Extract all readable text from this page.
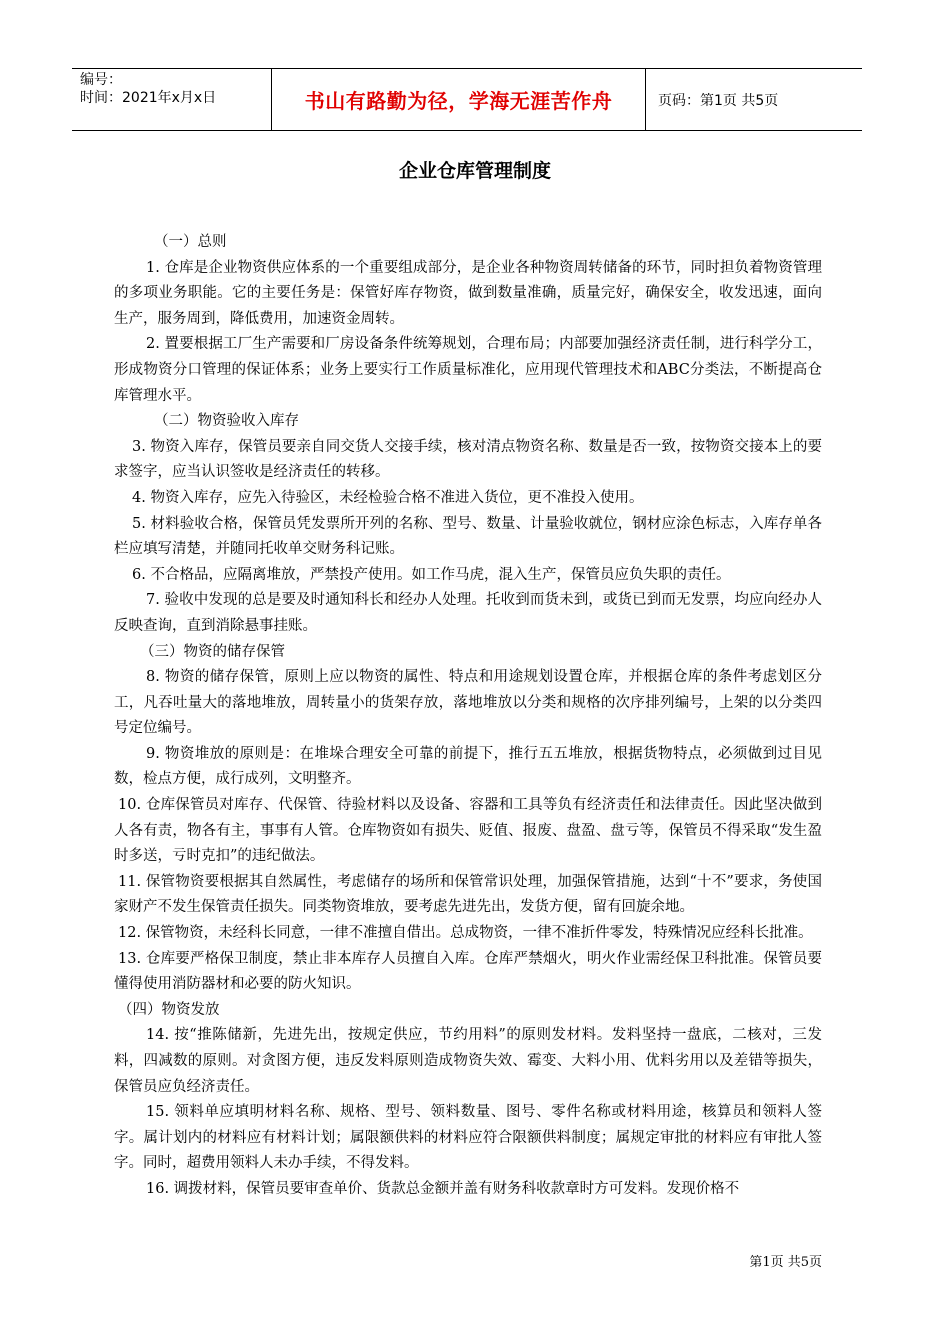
编号：
时间：2021年x月x日	书山有路勤为径，学海无涯苦作舟	页码：第1页 共5页
企业仓库管理制度

（一）总则

1. 仓库是企业物资供应体系的一个重要组成部分，是企业各种物资周转储备的环节，同时担负着物资管理的多项业务职能。它的主要任务是：保管好库存物资，做到数量准确，质量完好，确保安全，收发迅速，面向生产，服务周到，降低费用，加速资金周转。

2. 置要根据工厂生产需要和厂房设备条件统筹规划，合理布局；内部要加强经济责任制，进行科学分工，形成物资分口管理的保证体系；业务上要实行工作质量标准化，应用现代管理技术和ABC分类法，不断提高仓库管理水平。

（二）物资验收入库存

3. 物资入库存，保管员要亲自同交货人交接手续，核对清点物资名称、数量是否一致，按物资交接本上的要求签字，应当认识签收是经济责任的转移。

4. 物资入库存，应先入待验区，未经检验合格不准进入货位，更不准投入使用。

5. 材料验收合格，保管员凭发票所开列的名称、型号、数量、计量验收就位，钢材应涂色标志，入库存单各栏应填写清楚，并随同托收单交财务科记账。

6. 不合格品，应隔离堆放，严禁投产使用。如工作马虎，混入生产，保管员应负失职的责任。

7. 验收中发现的总是要及时通知科长和经办人处理。托收到而货未到，或货已到而无发票，均应向经办人反映查询，直到消除悬事挂账。

（三）物资的储存保管

8. 物资的储存保管，原则上应以物资的属性、特点和用途规划设置仓库，并根据仓库的条件考虑划区分工，凡吞吐量大的落地堆放，周转量小的货架存放，落地堆放以分类和规格的次序排列编号，上架的以分类四号定位编号。

9. 物资堆放的原则是：在堆垛合理安全可靠的前提下，推行五五堆放，根据货物特点，必须做到过目见数，检点方便，成行成列，文明整齐。

10. 仓库保管员对库存、代保管、待验材料以及设备、容器和工具等负有经济责任和法律责任。因此坚决做到人各有责，物各有主，事事有人管。仓库物资如有损失、贬值、报废、盘盈、盘亏等，保管员不得采取“发生盈时多送，亏时克扣”的违纪做法。

11. 保管物资要根据其自然属性，考虑储存的场所和保管常识处理，加强保管措施，达到“十不”要求，务使国家财产不发生保管责任损失。同类物资堆放，要考虑先进先出，发货方便，留有回旋余地。

12. 保管物资，未经科长同意，一律不准擅自借出。总成物资，一律不准折件零发，特殊情况应经科长批准。

13. 仓库要严格保卫制度，禁止非本库存人员擅自入库。仓库严禁烟火，明火作业需经保卫科批准。保管员要懂得使用消防器材和必要的防火知识。

（四）物资发放

14. 按“推陈储新，先进先出，按规定供应，节约用料”的原则发材料。发料坚持一盘底，二核对，三发料，四减数的原则。对贪图方便，违反发料原则造成物资失效、霉变、大料小用、优料劣用以及差错等损失，保管员应负经济责任。

15. 领料单应填明材料名称、规格、型号、领料数量、图号、零件名称或材料用途，核算员和领料人签字。属计划内的材料应有材料计划；属限额供料的材料应符合限额供料制度；属规定审批的材料应有审批人签字。同时，超费用领料人未办手续，不得发料。

16. 调拨材料，保管员要审查单价、货款总金额并盖有财务科收款章时方可发料。发现价格不

第1页 共5页
